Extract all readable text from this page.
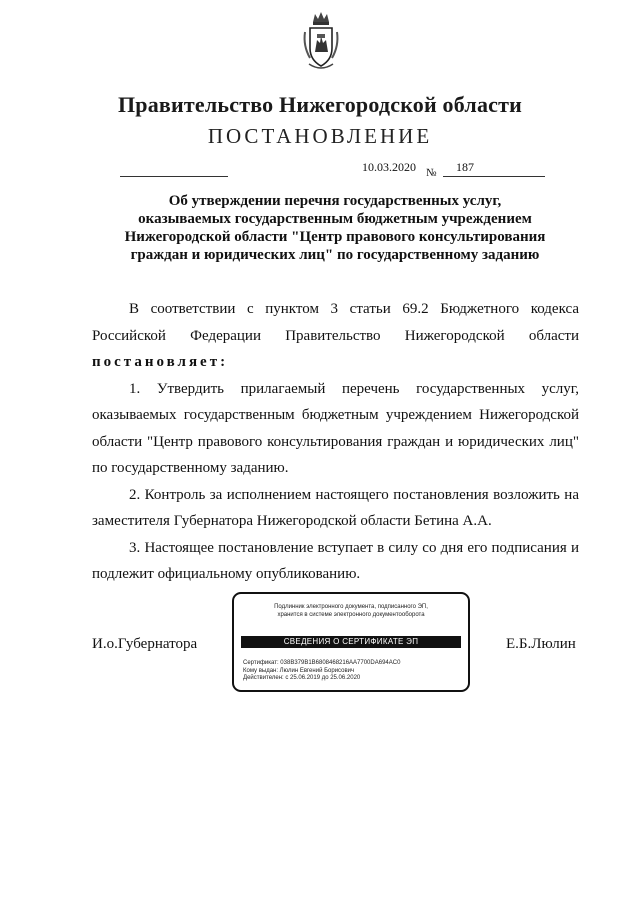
Правительство Нижегородской области
ПОСТАНОВЛЕНИЕ
10.03.2020 № 187
Об утверждении перечня государственных услуг,
оказываемых государственным бюджетным учреждением
Нижегородской области "Центр правового консультирования
граждан и юридических лиц" по государственному заданию

В соответствии с пунктом 3 статьи 69.2 Бюджетного кодекса Российской Федерации Правительство Нижегородской области постановляет:

1. Утвердить прилагаемый перечень государственных услуг, оказываемых государственным бюджетным учреждением Нижегородской области "Центр правового консультирования граждан и юридических лиц" по государственному заданию.

2. Контроль за исполнением настоящего постановления возложить на заместителя Губернатора Нижегородской области Бетина А.А.

3. Настоящее постановление вступает в силу со дня его подписания и подлежит официальному опубликованию.

И.о.Губернатора
Подлинник электронного документа, подписанного ЭП,
хранится в системе электронного документооборота
СВЕДЕНИЯ О СЕРТИФИКАТЕ ЭП
Сертификат: 038B379B1B6808468216AA7700DA694AC0
Кому выдан: Люлин Евгений Борисович
Действителен: с 25.06.2019 до 25.06.2020
Е.Б.Люлин
